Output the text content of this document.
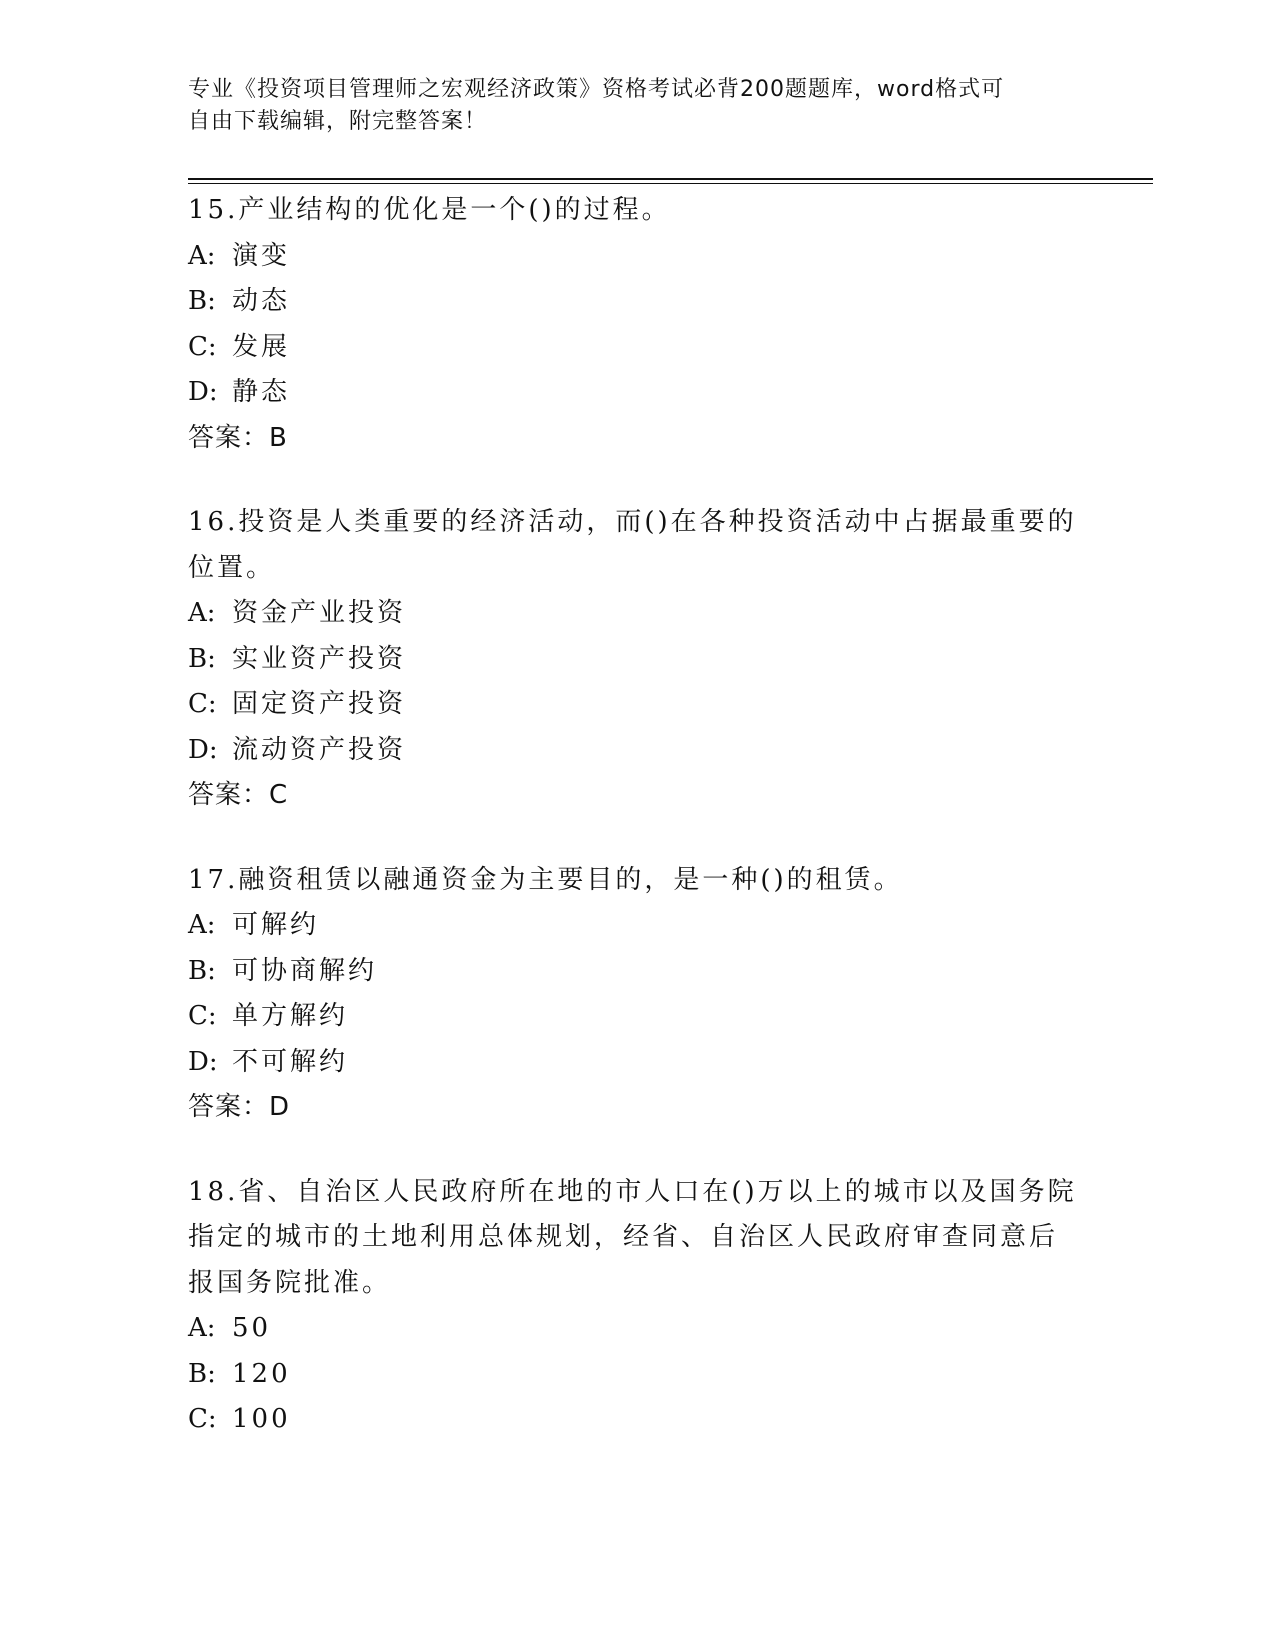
专业《投资项目管理师之宏观经济政策》资格考试必背200题题库，word格式可
自由下载编辑，附完整答案！

15.产业结构的优化是一个()的过程。

A: 演变

B: 动态

C: 发展

D: 静态

答案：B

16.投资是人类重要的经济活动，而()在各种投资活动中占据最重要的

位置。

A: 资金产业投资

B: 实业资产投资

C: 固定资产投资

D: 流动资产投资

答案：C

17.融资租赁以融通资金为主要目的，是一种()的租赁。

A: 可解约

B: 可协商解约

C: 单方解约

D: 不可解约

答案：D

18.省、自治区人民政府所在地的市人口在()万以上的城市以及国务院

指定的城市的土地利用总体规划，经省、自治区人民政府审查同意后

报国务院批准。

A: 50

B: 120

C: 100
